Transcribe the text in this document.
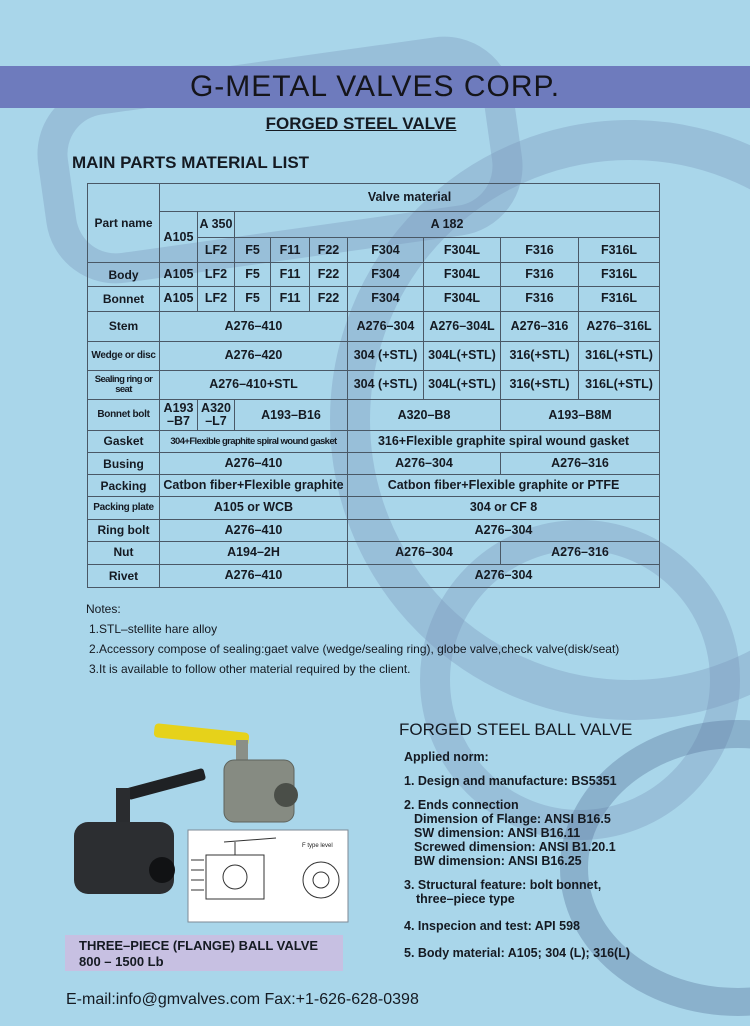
G-METAL VALVES CORP.
FORGED STEEL VALVE
MAIN PARTS MATERIAL LIST
Part name	Valve material								
	A105	A 350	A 182						
		LF2	F5	F11	F22	F304	F304L	F316	F316L
Body	A105	LF2	F5	F11	F22	F304	F304L	F316	F316L
Bonnet	A105	LF2	F5	F11	F22	F304	F304L	F316	F316L
Stem	A276–410					A276–304	A276–304L	A276–316	A276–316L
Wedge or disc	A276–420					304 (+STL)	304L(+STL)	316(+STL)	316L(+STL)
Sealing ring or seat	A276–410+STL					304 (+STL)	304L(+STL)	316(+STL)	316L(+STL)
Bonnet bolt	A193 –B7	A320 –L7	A193–B16			A320–B8		A193–B8M	
Gasket	304+Flexible graphite spiral wound gasket					316+Flexible graphite spiral wound gasket			
Busing	A276–410					A276–304		A276–316	
Packing	Catbon fiber+Flexible graphite					Catbon fiber+Flexible graphite or PTFE			
Packing plate	A105 or WCB					304 or CF 8			
Ring bolt	A276–410					A276–304			
Nut	A194–2H					A276–304		A276–316	
Rivet	A276–410					A276–304			
Notes:
1.STL–stellite hare alloy
2.Accessory compose of sealing:gaet valve (wedge/sealing ring), globe valve,check valve(disk/seat)
3.It is available to follow other material required by the client.
F type level
FORGED STEEL BALL VALVE
Applied norm:
1. Design and manufacture: BS5351
2. Ends connection
Dimension of Flange: ANSI B16.5
SW dimension: ANSI B16.11
Screwed dimension: ANSI B1.20.1
BW dimension: ANSI B16.25
3. Structural feature: bolt bonnet,
three–piece type
4. Inspecion and test: API 598
5. Body material: A105; 304 (L); 316(L)
THREE–PIECE (FLANGE) BALL VALVE
800 – 1500 Lb
E-mail:info@gmvalves.com Fax:+1-626-628-0398
